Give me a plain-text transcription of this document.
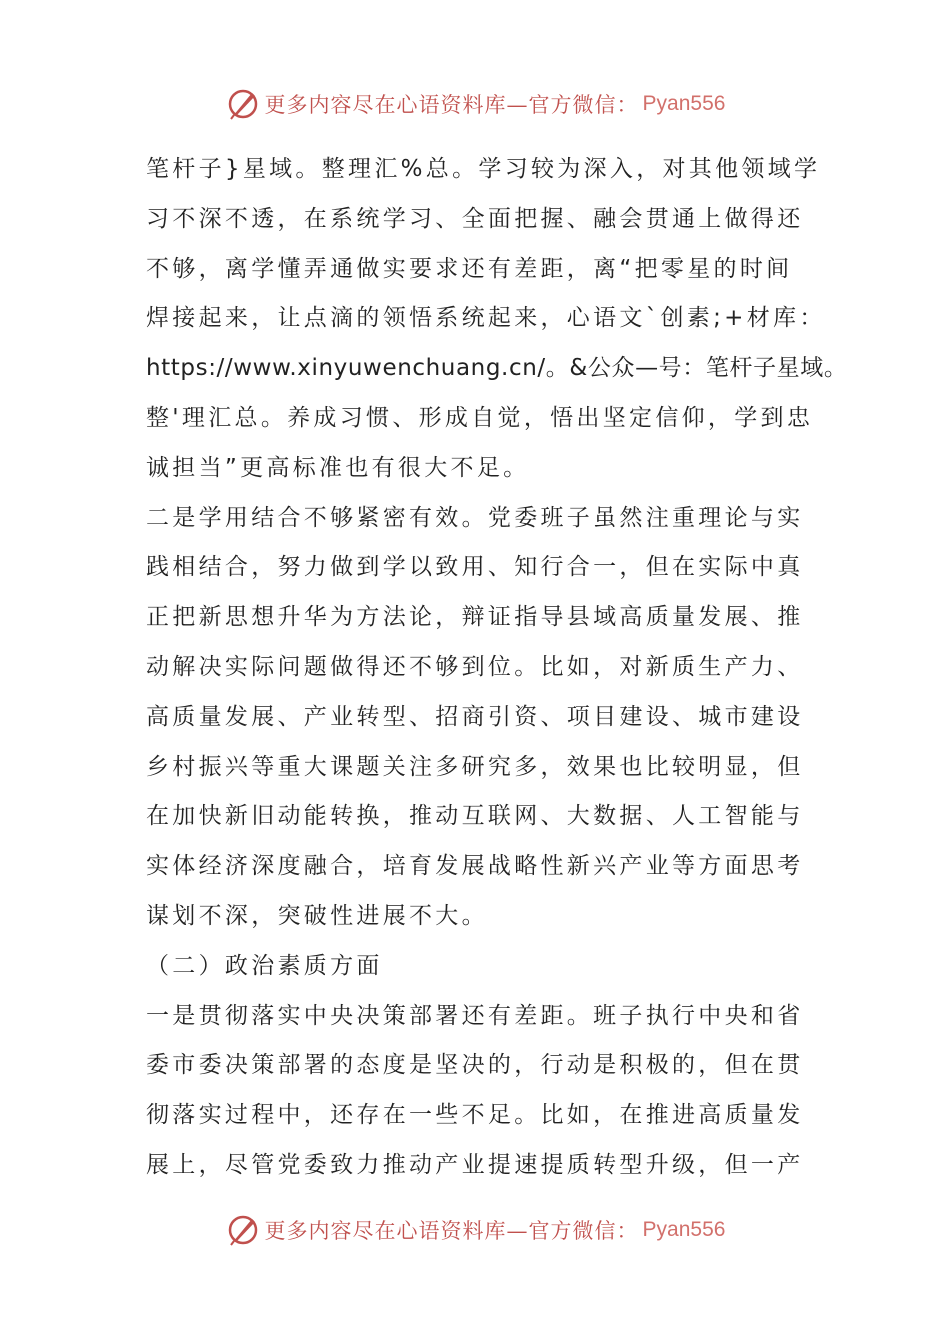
更多内容尽在心语资料库—官方微信： Pyan556
笔杆子}星域。整理汇%总。学习较为深入，对其他领域学
习不深不透，在系统学习、全面把握、融会贯通上做得还
不够，离学懂弄通做实要求还有差距，离“把零星的时间
焊接起来，让点滴的领悟系统起来，心语文`创素;+材库：
https://www.xinyuwenchuang.cn/。&公众—号：笔杆子星域。
整'理汇总。养成习惯、形成自觉，悟出坚定信仰，学到忠
诚担当”更高标准也有很大不足。
二是学用结合不够紧密有效。党委班子虽然注重理论与实
践相结合，努力做到学以致用、知行合一，但在实际中真
正把新思想升华为方法论，辩证指导县域高质量发展、推
动解决实际问题做得还不够到位。比如，对新质生产力、
高质量发展、产业转型、招商引资、项目建设、城市建设
乡村振兴等重大课题关注多研究多，效果也比较明显，但
在加快新旧动能转换，推动互联网、大数据、人工智能与
实体经济深度融合，培育发展战略性新兴产业等方面思考
谋划不深，突破性进展不大。
（二）政治素质方面
一是贯彻落实中央决策部署还有差距。班子执行中央和省
委市委决策部署的态度是坚决的，行动是积极的，但在贯
彻落实过程中，还存在一些不足。比如，在推进高质量发
展上，尽管党委致力推动产业提速提质转型升级，但一产
更多内容尽在心语资料库—官方微信： Pyan556
